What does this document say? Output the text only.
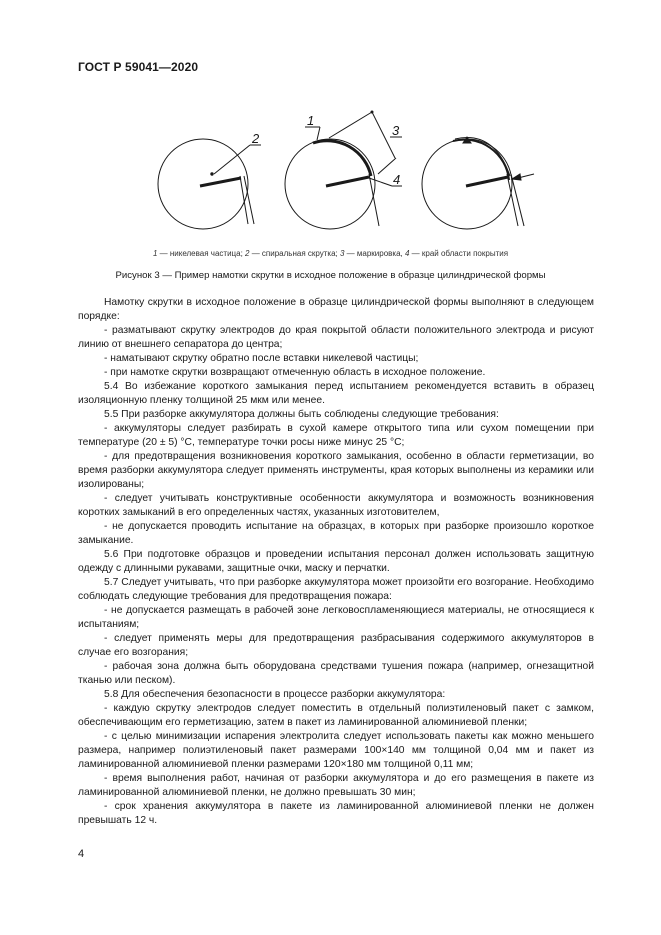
ГОСТ Р 59041—2020
2
1
3
4
1 — никелевая частица; 2 — спиральная скрутка; 3 — маркировка, 4 — край области покрытия
Рисунок 3 — Пример намотки скрутки в исходное положение в образце цилиндрической формы

Намотку скрутки в исходное положение в образце цилиндрической формы выполняют в следующем порядке:

- разматывают скрутку электродов до края покрытой области положительного электрода и рисуют линию от внешнего сепаратора до центра;

- наматывают скрутку обратно после вставки никелевой частицы;

- при намотке скрутки возвращают отмеченную область в исходное положение.

5.4 Во избежание короткого замыкания перед испытанием рекомендуется вставить в образец изоляционную пленку толщиной 25 мкм или менее.

5.5 При разборке аккумулятора должны быть соблюдены следующие требования:

- аккумуляторы следует разбирать в сухой камере открытого типа или сухом помещении при температуре (20 ± 5) °С, температуре точки росы ниже минус 25 °С;

- для предотвращения возникновения короткого замыкания, особенно в области герметизации, во время разборки аккумулятора следует применять инструменты, края которых выполнены из керамики или изолированы;

- следует учитывать конструктивные особенности аккумулятора и возможность возникновения коротких замыканий в его определенных частях, указанных изготовителем,

- не допускается проводить испытание на образцах, в которых при разборке произошло короткое замыкание.

5.6 При подготовке образцов и проведении испытания персонал должен использовать защитную одежду с длинными рукавами, защитные очки, маску и перчатки.

5.7 Следует учитывать, что при разборке аккумулятора может произойти его возгорание. Необходимо соблюдать следующие требования для предотвращения пожара:

- не допускается размещать в рабочей зоне легковоспламеняющиеся материалы, не относящиеся к испытаниям;

- следует применять меры для предотвращения разбрасывания содержимого аккумуляторов в случае его возгорания;

- рабочая зона должна быть оборудована средствами тушения пожара (например, огнезащитной тканью или песком).

5.8 Для обеспечения безопасности в процессе разборки аккумулятора:

- каждую скрутку электродов следует поместить в отдельный полиэтиленовый пакет с замком, обеспечивающим его герметизацию, затем в пакет из ламинированной алюминиевой пленки;

- с целью минимизации испарения электролита следует использовать пакеты как можно меньшего размера, например полиэтиленовый пакет размерами 100×140 мм толщиной 0,04 мм и пакет из ламинированной алюминиевой пленки размерами 120×180 мм толщиной 0,11 мм;

- время выполнения работ, начиная от разборки аккумулятора и до его размещения в пакете из ламинированной алюминиевой пленки, не должно превышать 30 мин;

- срок хранения аккумулятора в пакете из ламинированной алюминиевой пленки не должен превышать 12 ч.

4
